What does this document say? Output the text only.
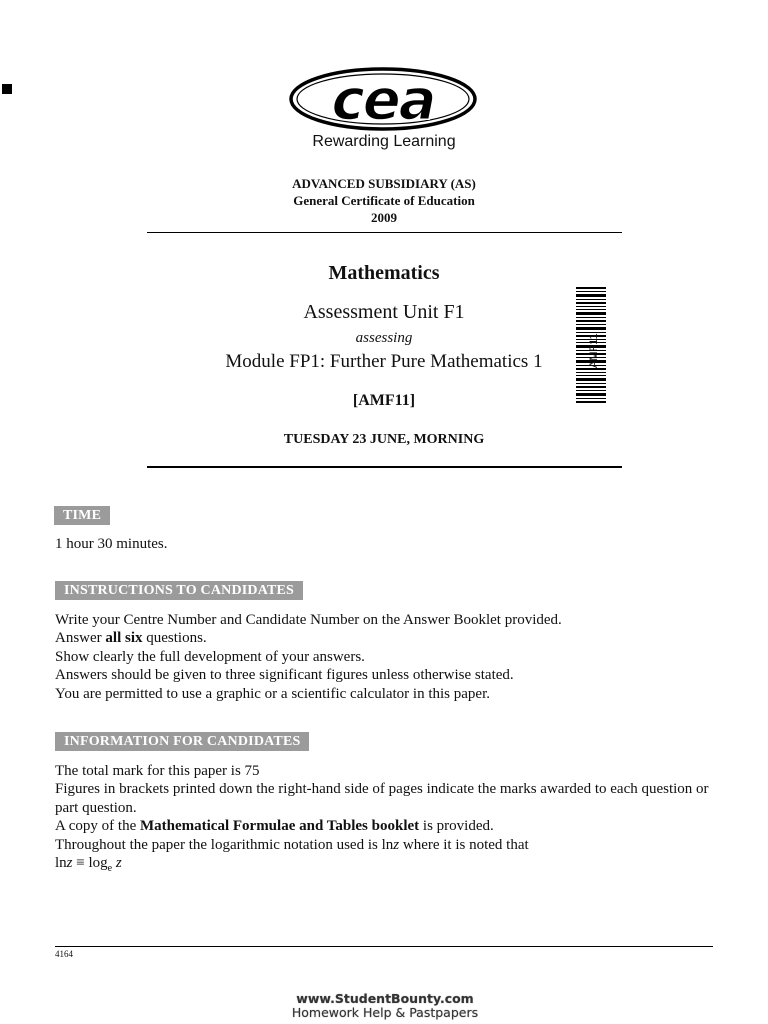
cea
Rewarding Learning
ADVANCED SUBSIDIARY (AS)
General Certificate of Education
2009
Mathematics
Assessment Unit F1
assessing
Module FP1: Further Pure Mathematics 1
[AMF11]
TUESDAY 23 JUNE, MORNING
AMF11
TIME
1 hour 30 minutes.
INSTRUCTIONS TO CANDIDATES

Write your Centre Number and Candidate Number on the Answer Booklet provided.

Answer all six questions.

Show clearly the full development of your answers.

Answers should be given to three significant figures unless otherwise stated.

You are permitted to use a graphic or a scientific calculator in this paper.

INFORMATION FOR CANDIDATES

The total mark for this paper is 75

Figures in brackets printed down the right-hand side of pages indicate the marks awarded to each question or part question.

A copy of the Mathematical Formulae and Tables booklet is provided.

Throughout the paper the logarithmic notation used is lnz where it is noted that

$\ln z \equiv \log_e z$

4164
www.StudentBounty.com
Homework Help & Pastpapers
